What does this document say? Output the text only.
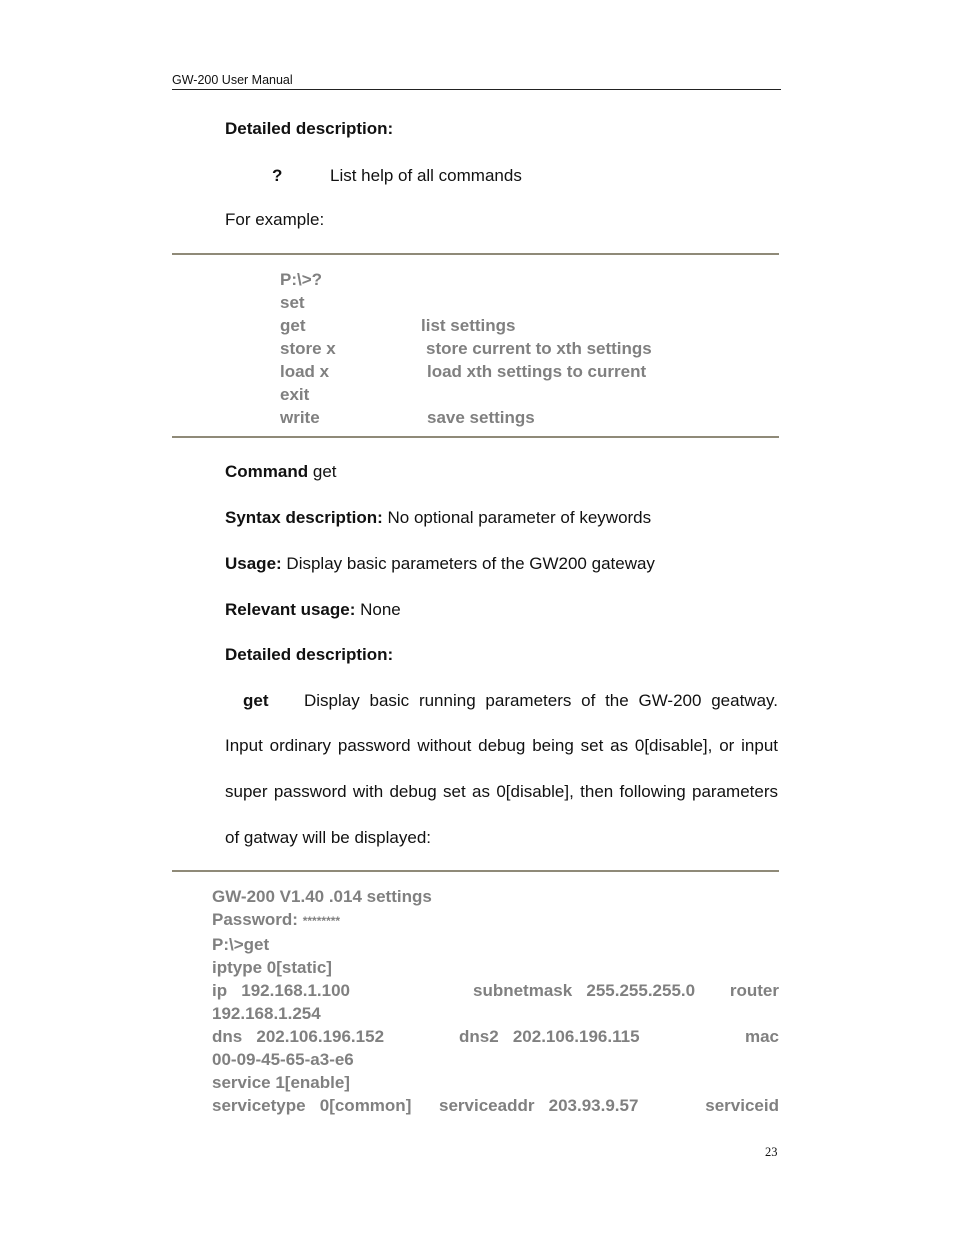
GW-200 User Manual
Detailed description:
?	List help of all commands
For example:
P:\>?
set
get	list settings
store x	store current to xth settings
load x	load xth settings to current
exit
write	save settings
Command get
Syntax description: No optional parameter of keywords
Usage: Display basic parameters of the GW200 gateway
Relevant usage: None
Detailed description:
get Display basic running parameters of the GW-200 geatway.
Input ordinary password without debug being set as 0[disable], or input
super password with debug set as 0[disable], then following parameters
of gatway will be displayed:
GW-200 V1.40 .014 settings
Password: ********
P:\>get
iptype 0[static]
ip   192.168.1.100	subnetmask   255.255.255.0 router
192.168.1.254
dns   202.106.196.152	dns2   202.106.196.115	mac
00-09-45-65-a3-e6
service 1[enable]
servicetype   0[common] serviceaddr   203.93.9.57	serviceid
23
